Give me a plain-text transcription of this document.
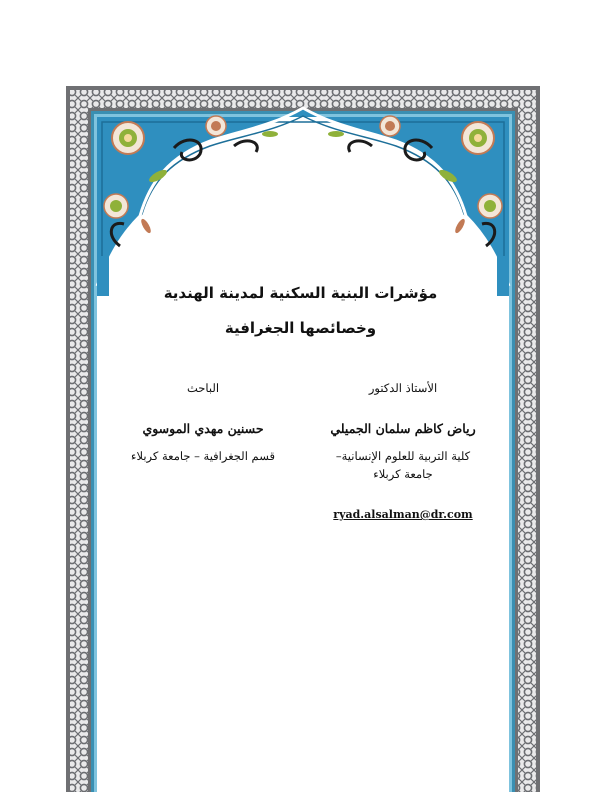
مؤشرات البنية السكنية لمدينة الهندية
وخصائصها الجغرافية

الأستاذ الدكتور

رياض كاظم سلمان الجميلي

كلية التربية للعلوم الإنسانية–

جامعة كربلاء

الباحث

حسنين مهدي الموسوي

قسم الجغرافية – جامعة كربلاء

ryad.alsalman@dr.com
